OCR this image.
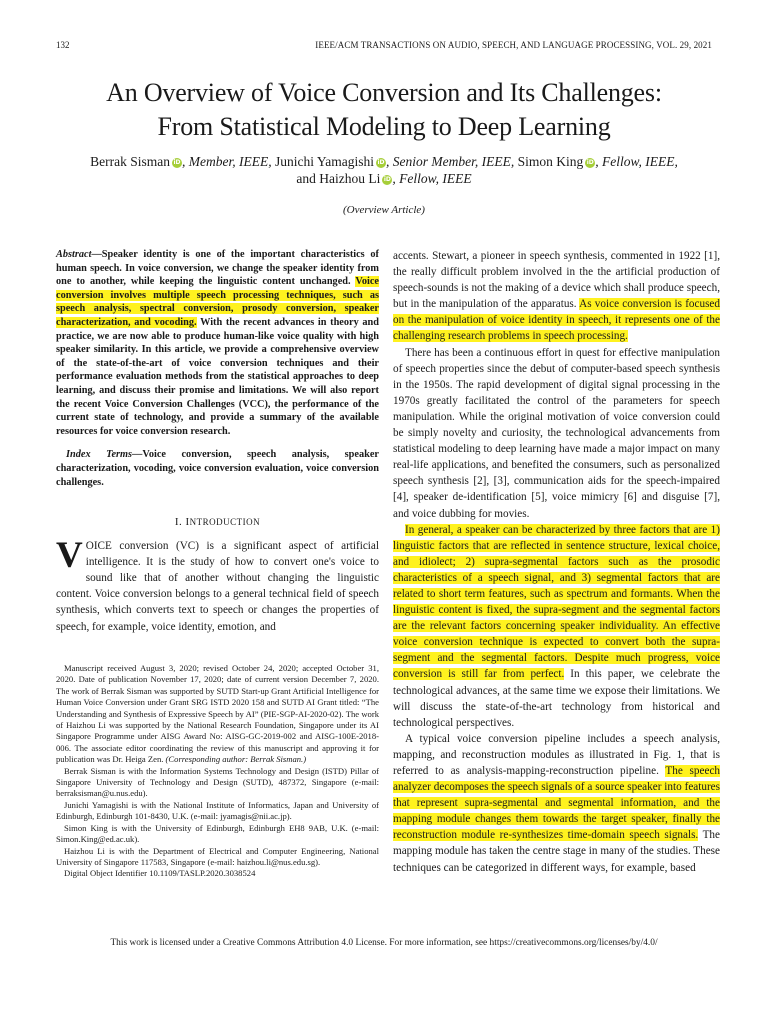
132	IEEE/ACM TRANSACTIONS ON AUDIO, SPEECH, AND LANGUAGE PROCESSING, VOL. 29, 2021
An Overview of Voice Conversion and Its Challenges:
From Statistical Modeling to Deep Learning
Berrak Sisman iD, Member, IEEE, Junichi Yamagishi iD, Senior Member, IEEE, Simon King iD, Fellow, IEEE,
and Haizhou Li iD, Fellow, IEEE
(Overview Article)

Abstract—Speaker identity is one of the important characteristics of human speech. In voice conversion, we change the speaker identity from one to another, while keeping the linguistic content unchanged. Voice conversion involves multiple speech processing techniques, such as speech analysis, spectral conversion, prosody conversion, speaker characterization, and vocoding. With the recent advances in theory and practice, we are now able to produce human-like voice quality with high speaker similarity. In this article, we provide a comprehensive overview of the state-of-the-art of voice conversion techniques and their performance evaluation methods from the statistical approaches to deep learning, and discuss their promise and limitations. We will also report the recent Voice Conversion Challenges (VCC), the performance of the current state of technology, and provide a summary of the available resources for voice conversion research.

Index Terms—Voice conversion, speech analysis, speaker characterization, vocoding, voice conversion evaluation, voice conversion challenges.

I. INTRODUCTION

VOICE conversion (VC) is a significant aspect of artificial intelligence. It is the study of how to convert one's voice to sound like that of another without changing the linguistic content. Voice conversion belongs to a general technical field of speech synthesis, which converts text to speech or changes the properties of speech, for example, voice identity, emotion, and

Manuscript received August 3, 2020; revised October 24, 2020; accepted October 31, 2020. Date of publication November 17, 2020; date of current version December 7, 2020. The work of Berrak Sisman was supported by SUTD Start-up Grant Artificial Intelligence for Human Voice Conversion under Grant SRG ISTD 2020 158 and SUTD AI Grant titled: “The Understanding and Synthesis of Expressive Speech by AI” (PIE-SGP-AI-2020-02). The work of Haizhou Li was supported by the National Research Foundation, Singapore under its AI Singapore Programme under AISG Award No: AISG-GC-2019-002 and AISG-100E-2018-006. The associate editor coordinating the review of this manuscript and approving it for publication was Dr. Heiga Zen. (Corresponding author: Berrak Sisman.)

Berrak Sisman is with the Information Systems Technology and Design (ISTD) Pillar of Singapore University of Technology and Design (SUTD), 487372, Singapore (e-mail: berraksisman@u.nus.edu).

Junichi Yamagishi is with the National Institute of Informatics, Japan and University of Edinburgh, Edinburgh 101-8430, U.K. (e-mail: jyamagis@nii.ac.jp).

Simon King is with the University of Edinburgh, Edinburgh EH8 9AB, U.K. (e-mail: Simon.King@ed.ac.uk).

Haizhou Li is with the Department of Electrical and Computer Engineering, National University of Singapore 117583, Singapore (e-mail: haizhou.li@nus.edu.sg).

Digital Object Identifier 10.1109/TASLP.2020.3038524

accents. Stewart, a pioneer in speech synthesis, commented in 1922 [1], the really difficult problem involved in the the artificial production of speech-sounds is not the making of a device which shall produce speech, but in the manipulation of the apparatus. As voice conversion is focused on the manipulation of voice identity in speech, it represents one of the challenging research problems in speech processing.

There has been a continuous effort in quest for effective manipulation of speech properties since the debut of computer-based speech synthesis in the 1950s. The rapid development of digital signal processing in the 1970s greatly facilitated the control of the parameters for speech manipulation. While the original motivation of voice conversion could be simply novelty and curiosity, the technological advancements from statistical modeling to deep learning have made a major impact on many real-life applications, and benefited the consumers, such as personalized speech synthesis [2], [3], communication aids for the speech-impaired [4], speaker de-identification [5], voice mimicry [6] and disguise [7], and voice dubbing for movies.

In general, a speaker can be characterized by three factors that are 1) linguistic factors that are reflected in sentence structure, lexical choice, and idiolect; 2) supra-segmental factors such as the prosodic characteristics of a speech signal, and 3) segmental factors that are related to short term features, such as spectrum and formants. When the linguistic content is fixed, the supra-segment and the segmental factors are the relevant factors concerning speaker individuality. An effective voice conversion technique is expected to convert both the supra-segment and the segmental factors. Despite much progress, voice conversion is still far from perfect. In this paper, we celebrate the technological advances, at the same time we expose their limitations. We will discuss the state-of-the-art technology from historical and technological perspectives.

A typical voice conversion pipeline includes a speech analysis, mapping, and reconstruction modules as illustrated in Fig. 1, that is referred to as analysis-mapping-reconstruction pipeline. The speech analyzer decomposes the speech signals of a source speaker into features that represent supra-segmental and segmental information, and the mapping module changes them towards the target speaker, finally the reconstruction module re-synthesizes time-domain speech signals. The mapping module has taken the centre stage in many of the studies. These techniques can be categorized in different ways, for example, based

This work is licensed under a Creative Commons Attribution 4.0 License. For more information, see https://creativecommons.org/licenses/by/4.0/
